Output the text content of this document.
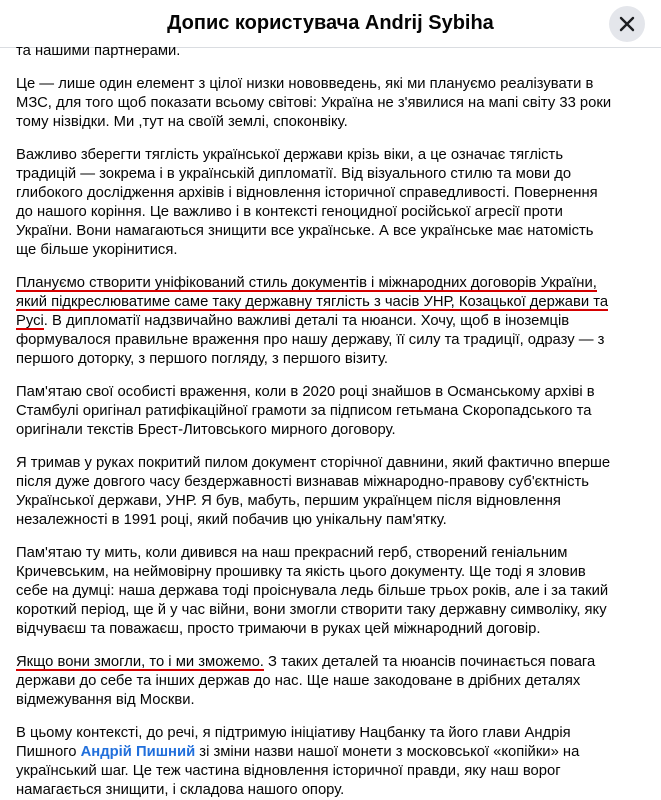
Допис користувача Andrij Sybiha

та нашими партнерами.

Це — лише один елемент з цілої низки нововведень, які ми плануємо реалізувати в МЗС, для того щоб показати всьому світові: Україна не з'явилися на мапі світу 33 роки тому нізвідки. Ми ,тут на своїй землі, споконвіку.

Важливо зберегти тяглість української держави крізь віки, а це означає тяглість традицій — зокрема і в українській дипломатії. Від візуального стилю та мови до глибокого дослідження архівів і відновлення історичної справедливості. Повернення до нашого коріння. Це важливо і в контексті геноцидної російської агресії проти України. Вони намагаються знищити все українське. А все українське має натомість ще більше укорінитися.

Плануємо створити уніфікований стиль документів і міжнародних договорів України, який підкреслюватиме саме таку державну тяглість з часів УНР, Козацької держави та Русі. В дипломатії надзвичайно важливі деталі та нюанси. Хочу, щоб в іноземців формувалося правильне враження про нашу державу, її силу та традиції, одразу — з першого доторку, з першого погляду, з першого візиту.

Пам'ятаю свої особисті враження, коли в 2020 році знайшов в Османському архіві в Стамбулі оригінал ратифікаційної грамоти за підписом гетьмана Скоропадського та оригінали текстів Брест-Литовського мирного договору.

Я тримав у руках покритий пилом документ сторічної давнини, який фактично вперше після дуже довгого часу бездержавності визнавав міжнародно-правову суб'єктність Української держави, УНР. Я був, мабуть, першим українцем після відновлення незалежності в 1991 році, який побачив цю унікальну пам'ятку.

Пам'ятаю ту мить, коли дивився на наш прекрасний герб, створений геніальним Кричевським, на неймовірну прошивку та якість цього документу. Ще тоді я зловив себе на думці: наша держава тоді проіснувала ледь більше трьох років, але і за такий короткий період, ще й у час війни, вони змогли створити таку державну символіку, яку відчуваєш та поважаєш, просто тримаючи в руках цей міжнародний договір.

Якщо вони змогли, то і ми зможемо. З таких деталей та нюансів починається повага держави до себе та інших держав до нас. Ще наше закодоване в дрібних деталях відмежування від Москви.

В цьому контексті, до речі, я підтримую ініціативу Нацбанку та його глави Андрія Пишного Андрій Пишний зі зміни назви нашої монети з московської «копійки» на український шаг. Це теж частина відновлення історичної правди, яку наш ворог намагається знищити, і складова нашого опору.
